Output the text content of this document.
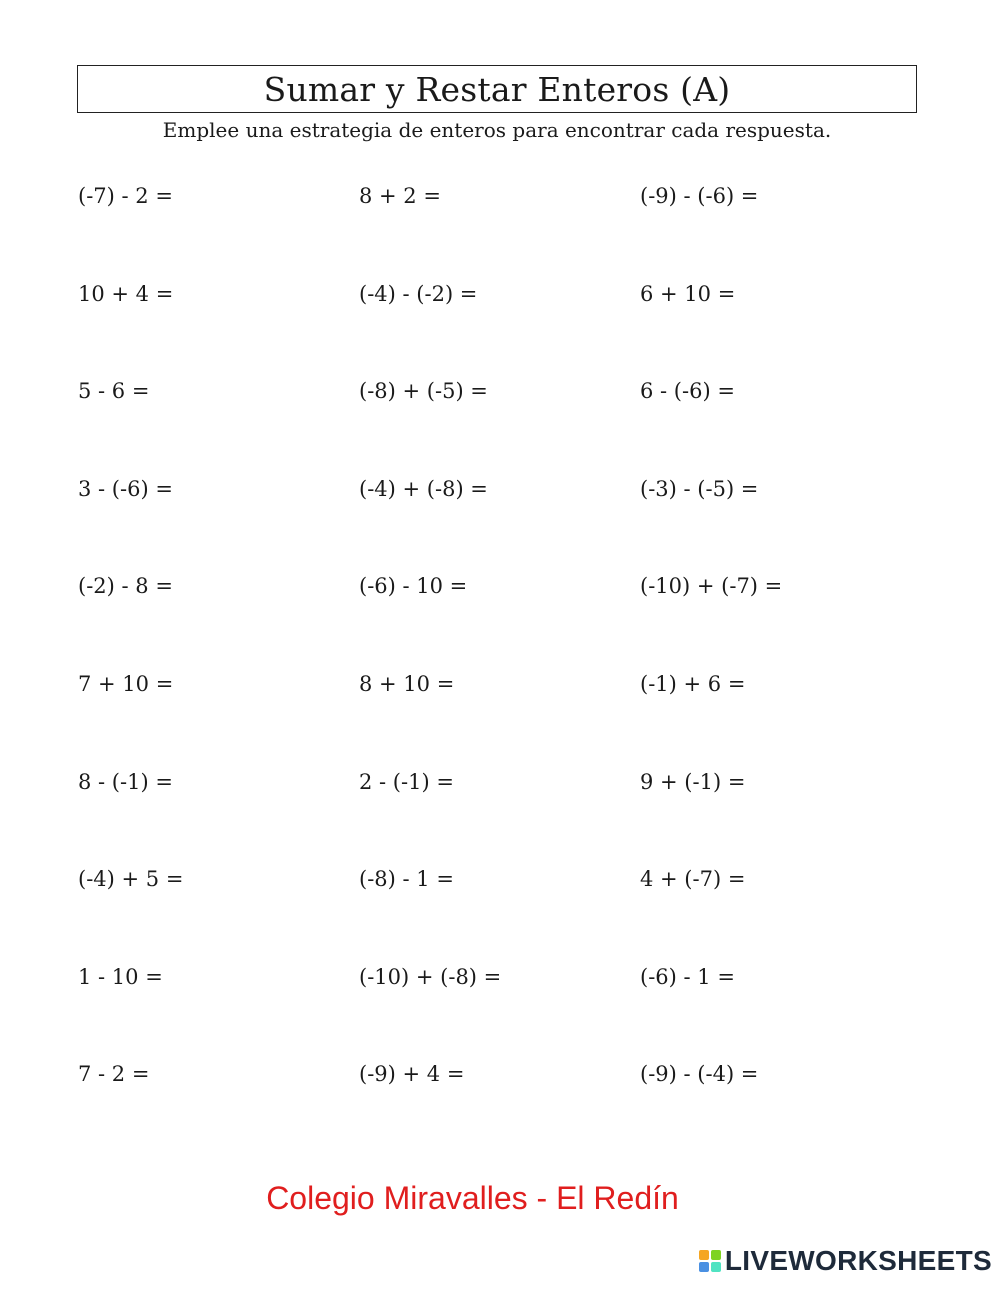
Sumar y Restar Enteros (A)
Emplee una estrategia de enteros para encontrar cada respuesta.
(-7) - 2 =	8 + 2 =	(-9) - (-6) =
10 + 4 =	(-4) - (-2) =	6 + 10 =
5 - 6 =	(-8) + (-5) =	6 - (-6) =
3 - (-6) =	(-4) + (-8) =	(-3) - (-5) =
(-2) - 8 =	(-6) - 10 =	(-10) + (-7) =
7 + 10 =	8 + 10 =	(-1) + 6 =
8 - (-1) =	2 - (-1) =	9 + (-1) =
(-4) + 5 =	(-8) - 1 =	4 + (-7) =
1 - 10 =	(-10) + (-8) =	(-6) - 1 =
7 - 2 =	(-9) + 4 =	(-9) - (-4) =
Colegio Miravalles - El Redín
LIVEWORKSHEETS
